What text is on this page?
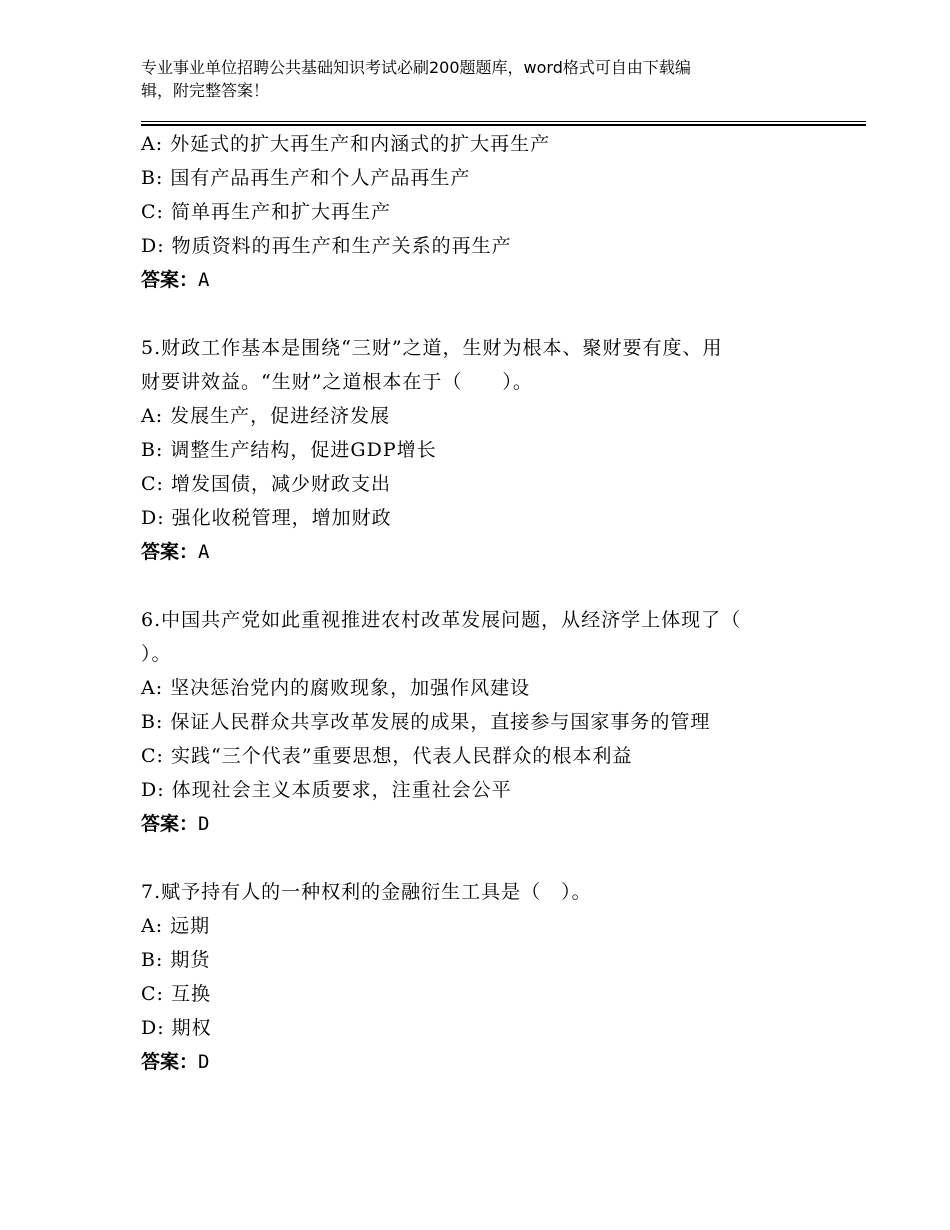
专业事业单位招聘公共基础知识考试必刷200题题库，word格式可自由下载编
辑，附完整答案！
A: 外延式的扩大再生产和内涵式的扩大再生产
B: 国有产品再生产和个人产品再生产
C: 简单再生产和扩大再生产
D: 物质资料的再生产和生产关系的再生产
答案：A
5.财政工作基本是围绕“三财”之道，生财为根本、聚财要有度、用
财要讲效益。“生财”之道根本在于（　　）。
A: 发展生产，促进经济发展
B: 调整生产结构，促进GDP增长
C: 增发国债，减少财政支出
D: 强化收税管理，增加财政
答案：A
6.中国共产党如此重视推进农村改革发展问题，从经济学上体现了（
）。
A: 坚决惩治党内的腐败现象，加强作风建设
B: 保证人民群众共享改革发展的成果，直接参与国家事务的管理
C: 实践“三个代表”重要思想，代表人民群众的根本利益
D: 体现社会主义本质要求，注重社会公平
答案：D
7.赋予持有人的一种权利的金融衍生工具是（　）。
A: 远期
B: 期货
C: 互换
D: 期权
答案：D
